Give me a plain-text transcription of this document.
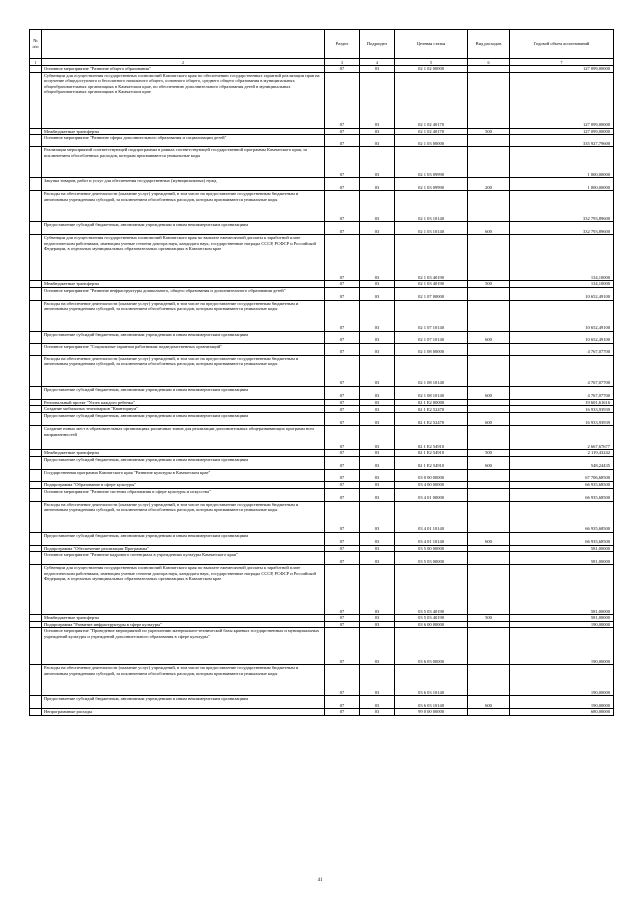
№ п/п		Раздел	Подраздел	Целевая статья	Вид расходов	Годовой объем ассигнований
1	2	3	4	5	6	7
	Основное мероприятие "Развитие общего образования"	07	03	02 1 02 00000		127 099,00000
	Субвенции для осуществления государственных полномочий Камчатского края по обеспечению государственных гарантий реализации прав на получение общедоступного и бесплатного начального общего, основного общего, среднего общего образования в муниципальных общеобразовательных организациях в Камчатском крае, по обеспечению дополнительного образования детей в муниципальных общеобразовательных организациях в Камчатском крае	07	03	02 1 02 40170		127 099,00000
	Межбюджетные трансферты	07	03	02 1 02 40170	500	127 099,00000
	Основное мероприятие "Развитие сферы дополнительного образования и социализации детей"	07	03	02 1 03 00000		335 927,79600
	Реализация мероприятий соответствующей подпрограммы в рамках соответствующей государственной программы Камчатского края, за исключением обособленных расходов, которым присваиваются уникальные коды	07	03	02 1 03 09990		1 000,00000
	Закупка товаров, работ и услуг для обеспечения государственных (муниципальных) нужд	07	03	02 1 03 09990	200	1 000,00000
	Расходы на обеспечение деятельности (оказание услуг) учреждений, в том числе на предоставление государственным бюджетным и автономным учреждениям субсидий, за исключением обособленных расходов, которым присваиваются уникальные коды	07	03	02 1 03 10140		332 793,89600
	Предоставление субсидий бюджетным, автономным учреждениям и иным некоммерческим организациям	07	03	02 1 03 10140	600	332 793,89600
	Субвенции для осуществления государственных полномочий Камчатского края по выплате ежемесячной доплаты к заработной плате педагогическим работникам, имеющим ученые степени доктора наук, кандидата наук, государственные награды СССР, РСФСР и Российской Федерации, в отдельных муниципальных образовательных организациях в Камчатском крае	07	03	02 1 03 40190		134,10000
	Межбюджетные трансферты	07	03	02 1 03 40190	500	134,10000
	Основное мероприятие "Развитие инфраструктуры дошкольного, общего образования и дополнительного образования детей"	07	03	02 1 07 00000		10 652,49100
	Расходы на обеспечение деятельности (оказание услуг) учреждений, в том числе на предоставление государственным бюджетным и автономным учреждениям субсидий, за исключением обособленных расходов, которым присваиваются уникальные коды	07	03	02 1 07 10140		10 652,49100
	Предоставление субсидий бюджетным, автономным учреждениям и иным некоммерческим организациям	07	03	02 1 07 10140	600	10 652,49100
	Основное мероприятие "Социальные гарантии работникам подведомственных организаций"	07	03	02 1 08 00000		4 767,07700
	Расходы на обеспечение деятельности (оказание услуг) учреждений, в том числе на предоставление государственным бюджетным и автономным учреждениям субсидий, за исключением обособленных расходов, которым присваиваются уникальные коды	07	03	02 1 08 10140		4 767,07700
	Предоставление субсидий бюджетным, автономным учреждениям и иным некоммерческим организациям	07	03	02 1 08 10140	600	4 767,07700
	Региональный проект "Успех каждого ребенка"	07	03	02 1 E2 00000		19 601,61616
	Создание мобильных технопарков "Кванториум"	07	03	02 1 E2 52470		16 933,93939
	Предоставление субсидий бюджетным, автономным учреждениям и иным некоммерческим организациям	07	03	02 1 E2 52470	600	16 933,93939
	Создание новых мест в образовательных организациях различных типов для реализации дополнительных общеразвивающих программ всех направленностей	07	03	02 1 E2 54910		2 667,67677
	Межбюджетные трансферты	07	03	02 1 E2 54910	500	2 119,43242
	Предоставление субсидий бюджетным, автономным учреждениям и иным некоммерческим организациям	07	03	02 1 E2 54910	600	548,24435
	Государственная программа Камчатского края "Развитие культуры в Камчатском крае"	07	03	03 0 00 00000		67 706,68500
	Подпрограмма "Образование в сфере культуры"	07	03	03 4 00 00000		66 935,68500
	Основное мероприятие "Развитие системы образования в сфере культуры и искусства"	07	03	03 4 01 00000		66 935,68500
	Расходы на обеспечение деятельности (оказание услуг) учреждений, в том числе на предоставление государственным бюджетным и автономным учреждениям субсидий, за исключением обособленных расходов, которым присваиваются уникальные коды	07	03	03 4 01 10140		66 935,68500
	Предоставление субсидий бюджетным, автономным учреждениям и иным некоммерческим организациям	07	03	03 4 01 10140	600	66 935,68500
	Подпрограмма "Обеспечение реализации Программы"	07	03	03 5 00 00000		581,00000
	Основное мероприятие "Развитие кадрового потенциала в учреждениях культуры Камчатского края"	07	03	03 5 03 00000		581,00000
	Субвенции для осуществления государственных полномочий Камчатского края по выплате ежемесячной доплаты к заработной плате педагогическим работникам, имеющим ученые степени доктора наук, кандидата наук, государственные награды СССР, РСФСР и Российской Федерации, в отдельных муниципальных образовательных организациях в Камчатском крае	07	03	03 5 03 40190		581,00000
	Межбюджетные трансферты	07	03	03 5 03 40190	500	581,00000
	Подпрограмма "Развитие инфраструктуры в сфере культуры"	07	03	03 6 00 00000		190,00000
	Основное мероприятие "Проведение мероприятий по укреплению материально-технической базы краевых государственных и муниципальных учреждений культуры и учреждений дополнительного образования в сфере культуры"	07	03	03 6 03 00000		190,00000
	Расходы на обеспечение деятельности (оказание услуг) учреждений, в том числе на предоставление государственным бюджетным и автономным учреждениям субсидий, за исключением обособленных расходов, которым присваиваются уникальные коды	07	03	03 6 03 10140		190,00000
	Предоставление субсидий бюджетным, автономным учреждениям и иным некоммерческим организациям	07	03	03 6 03 10140	600	190,00000
	Непрограммные расходы	07	03	99 0 00 00000		680,00000
41
